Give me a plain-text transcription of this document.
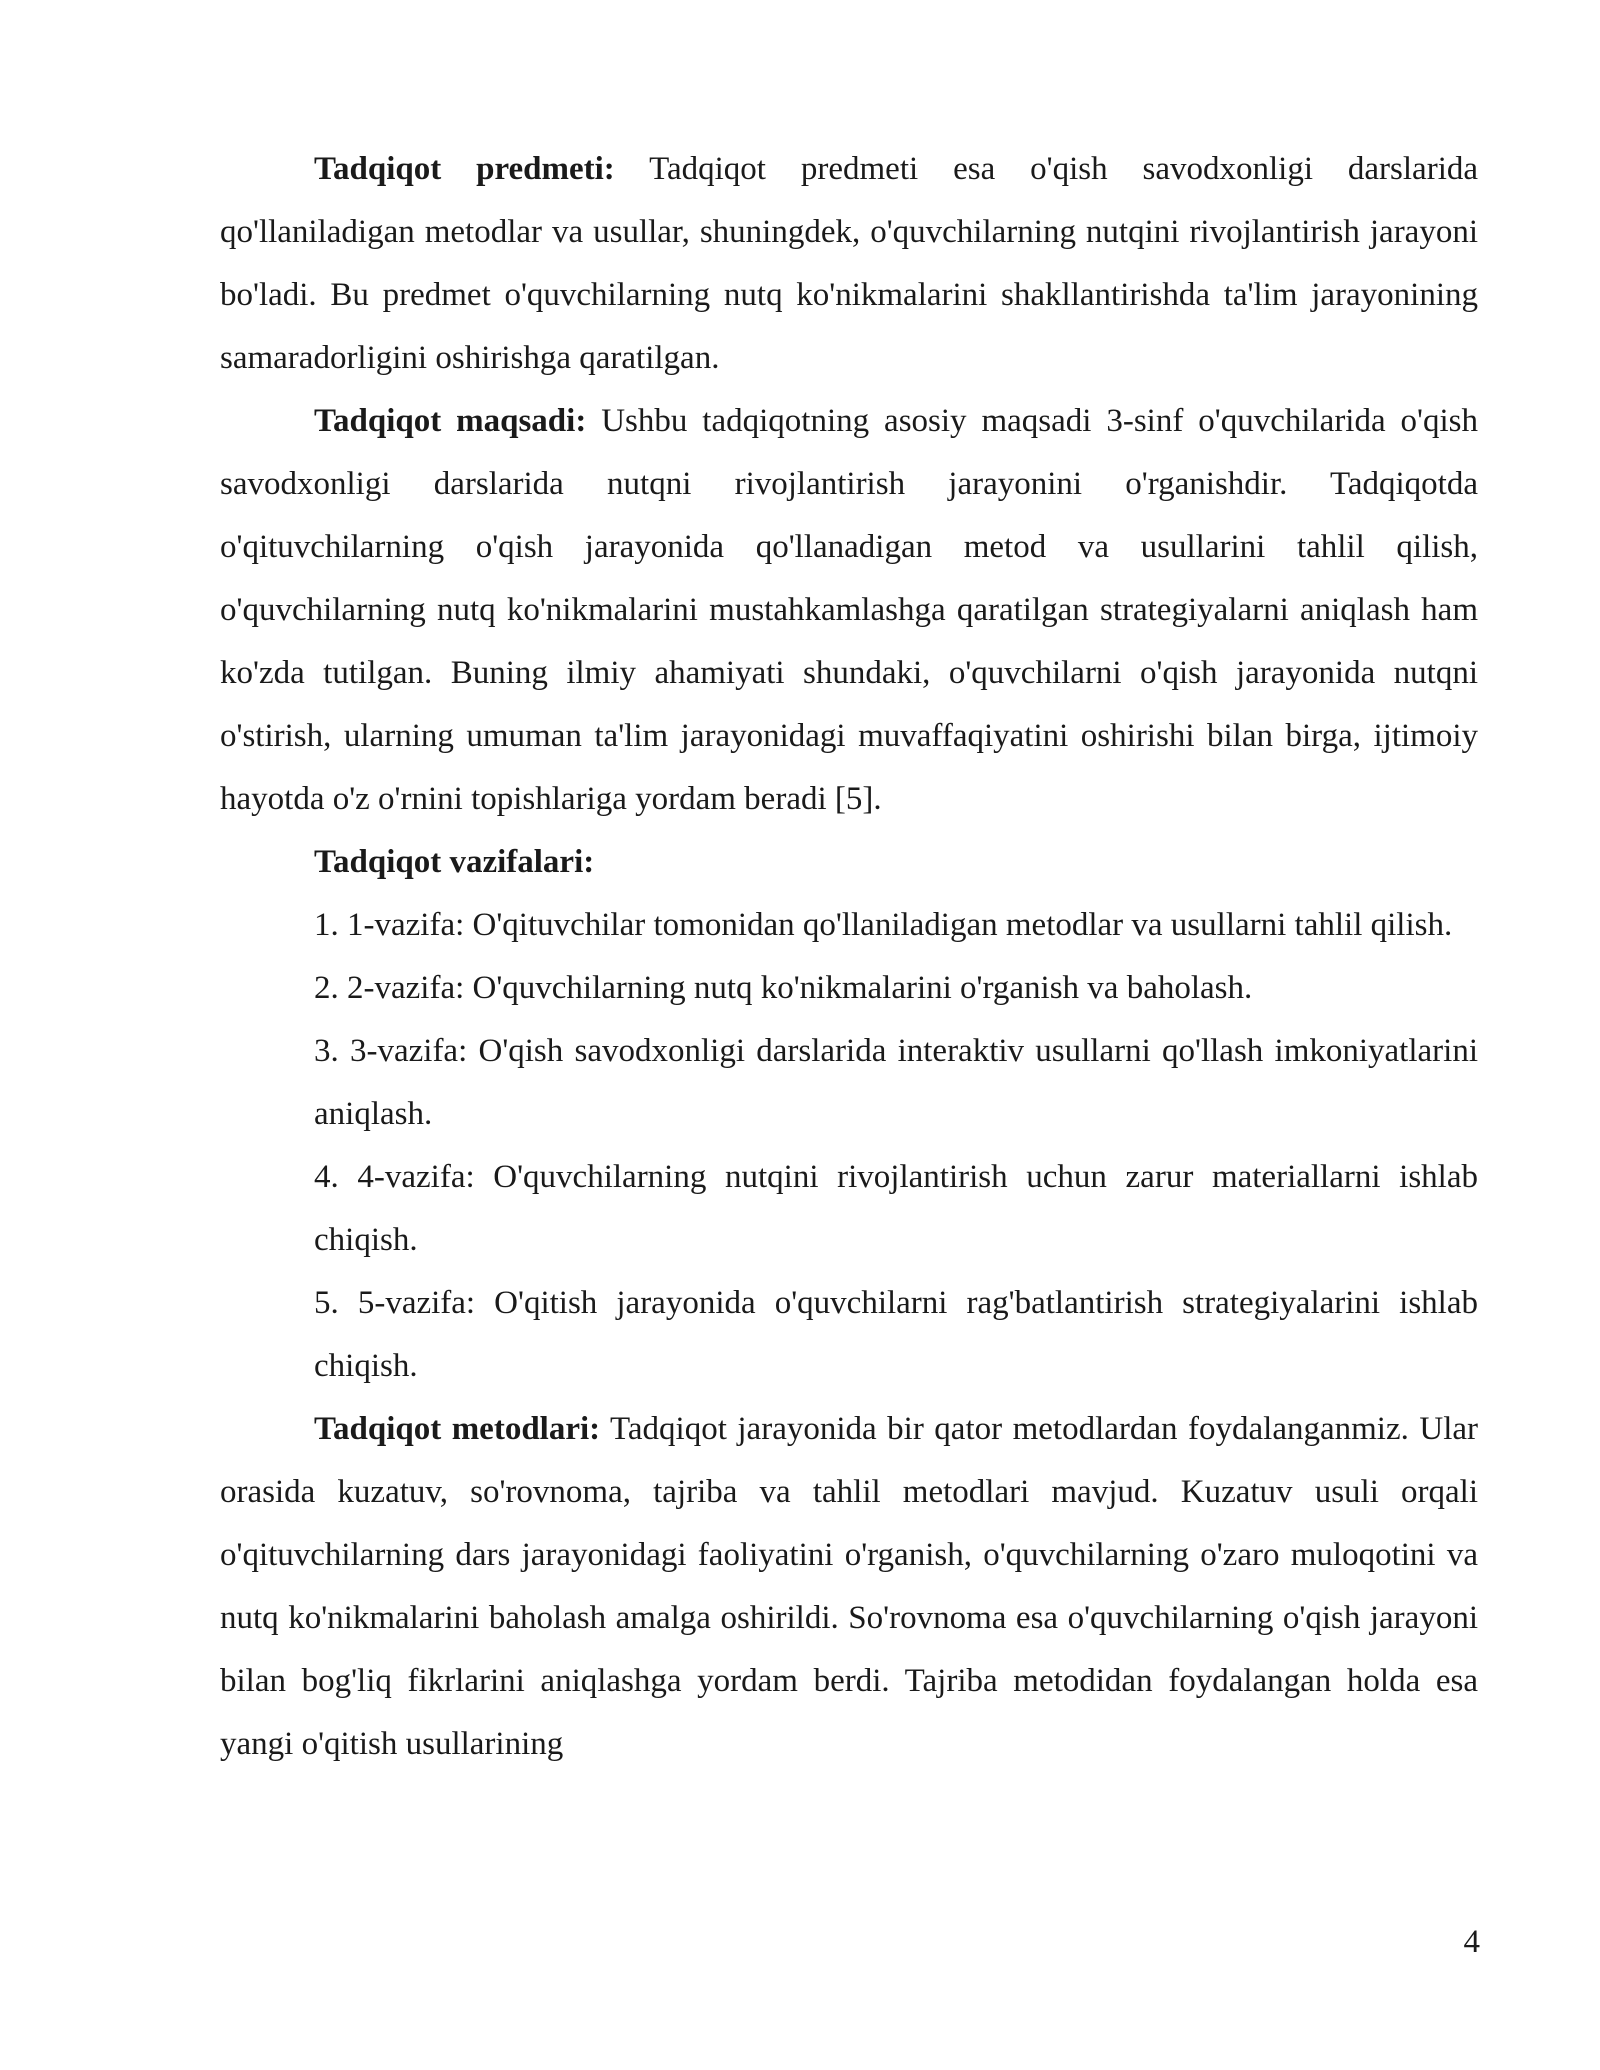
Tadqiqot predmeti: Tadqiqot predmeti esa o'qish savodxonligi darslarida qo'llaniladigan metodlar va usullar, shuningdek, o'quvchilarning nutqini rivojlantirish jarayoni bo'ladi. Bu predmet o'quvchilarning nutq ko'nikmalarini shakllantirishda ta'lim jarayonining samaradorligini oshirishga qaratilgan.

Tadqiqot maqsadi: Ushbu tadqiqotning asosiy maqsadi 3-sinf o'quvchilarida o'qish savodxonligi darslarida nutqni rivojlantirish jarayonini o'rganishdir. Tadqiqotda o'qituvchilarning o'qish jarayonida qo'llanadigan metod va usullarini tahlil qilish, o'quvchilarning nutq ko'nikmalarini mustahkamlashga qaratilgan strategiyalarni aniqlash ham ko'zda tutilgan. Buning ilmiy ahamiyati shundaki, o'quvchilarni o'qish jarayonida nutqni o'stirish, ularning umuman ta'lim jarayonidagi muvaffaqiyatini oshirishi bilan birga, ijtimoiy hayotda o'z o'rnini topishlariga yordam beradi [5].

Tadqiqot vazifalari:

1. 1-vazifa: O'qituvchilar tomonidan qo'llaniladigan metodlar va usullarni tahlil qilish.
2. 2-vazifa: O'quvchilarning nutq ko'nikmalarini o'rganish va baholash.
3. 3-vazifa: O'qish savodxonligi darslarida interaktiv usullarni qo'llash imkoniyatlarini aniqlash.
4. 4-vazifa: O'quvchilarning nutqini rivojlantirish uchun zarur materiallarni ishlab chiqish.
5. 5-vazifa: O'qitish jarayonida o'quvchilarni rag'batlantirish strategiyalarini ishlab chiqish.

Tadqiqot metodlari: Tadqiqot jarayonida bir qator metodlardan foydalanganmiz. Ular orasida kuzatuv, so'rovnoma, tajriba va tahlil metodlari mavjud. Kuzatuv usuli orqali o'qituvchilarning dars jarayonidagi faoliyatini o'rganish, o'quvchilarning o'zaro muloqotini va nutq ko'nikmalarini baholash amalga oshirildi. So'rovnoma esa o'quvchilarning o'qish jarayoni bilan bog'liq fikrlarini aniqlashga yordam berdi. Tajriba metodidan foydalangan holda esa yangi o'qitish usullarining

4
